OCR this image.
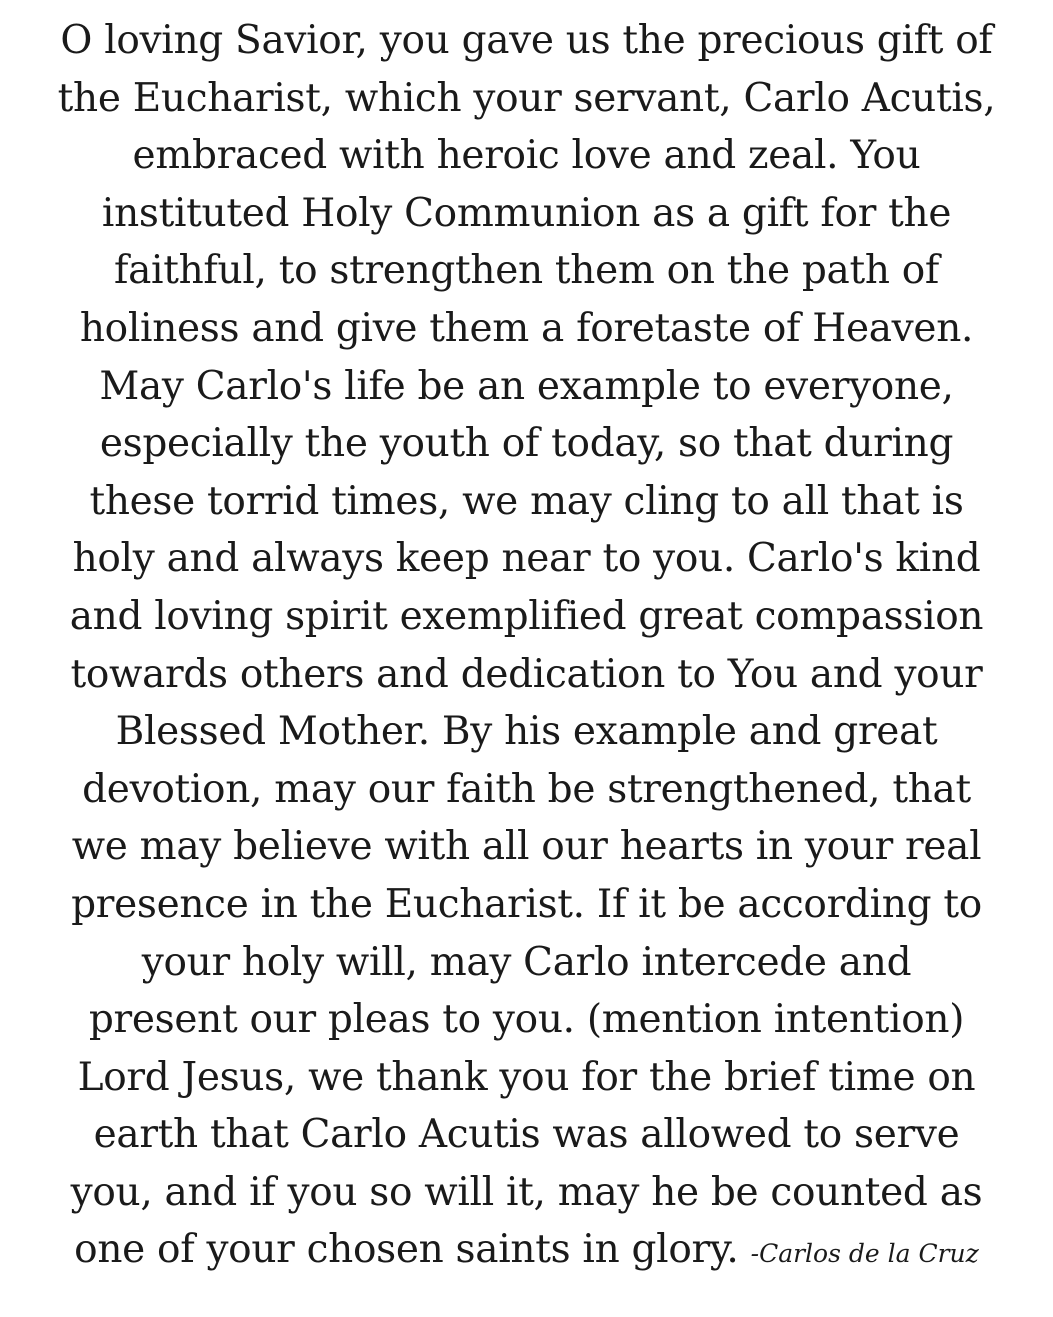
O loving Savior, you gave us the precious gift of
the Eucharist, which your servant, Carlo Acutis,
embraced with heroic love and zeal. You
instituted Holy Communion as a gift for the
faithful, to strengthen them on the path of
holiness and give them a foretaste of Heaven.
May Carlo's life be an example to everyone,
especially the youth of today, so that during
these torrid times, we may cling to all that is
holy and always keep near to you. Carlo's kind
and loving spirit exemplified great compassion
towards others and dedication to You and your
Blessed Mother. By his example and great
devotion, may our faith be strengthened, that
we may believe with all our hearts in your real
presence in the Eucharist. If it be according to
your holy will, may Carlo intercede and
present our pleas to you. (mention intention)
Lord Jesus, we thank you for the brief time on
earth that Carlo Acutis was allowed to serve
you, and if you so will it, may he be counted as
one of your chosen saints in glory. -Carlos de la Cruz
